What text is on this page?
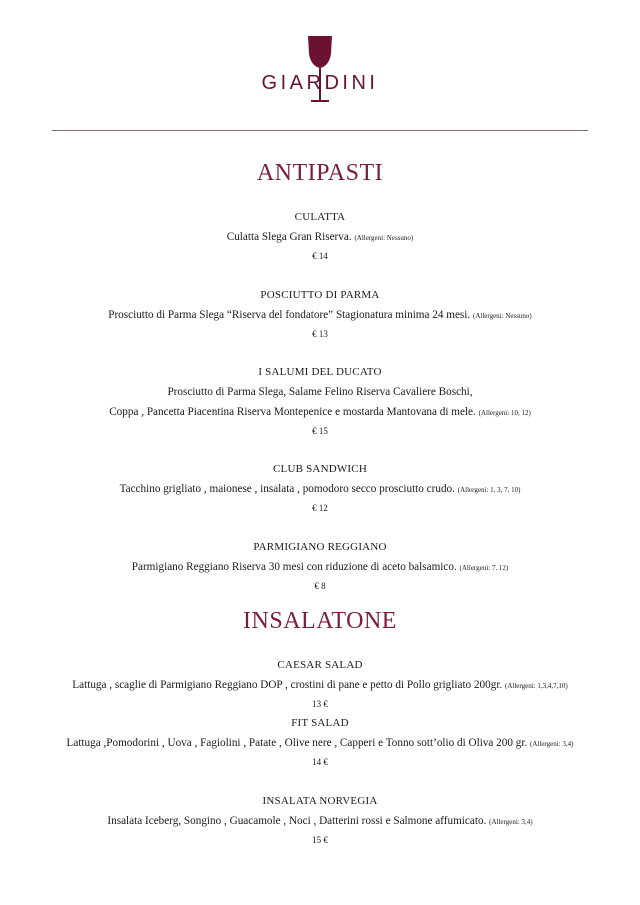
GIARDINI
ANTIPASTI
CULATTA
Culatta Slega Gran Riserva. (Allergeni: Nessuno)
€ 14
POSCIUTTO DI PARMA
Prosciutto di Parma Slega “Riserva del fondatore” Stagionatura minima 24 mesi. (Allergeni: Nessuno)
€ 13
I SALUMI DEL DUCATO
Prosciutto di Parma Slega, Salame Felino Riserva Cavaliere Boschi,
Coppa , Pancetta Piacentina Riserva Montepenice e mostarda Mantovana di mele. (Allergeni: 10, 12)
€ 15
CLUB SANDWICH
Tacchino grigliato , maionese , insalata , pomodoro secco prosciutto crudo. (Allergeni: 1, 3, 7, 10)
€ 12
PARMIGIANO REGGIANO
Parmigiano Reggiano Riserva 30 mesi con riduzione di aceto balsamico. (Allergeni: 7, 12)
€ 8
INSALATONE
CAESAR SALAD
Lattuga , scaglie di Parmigiano Reggiano DOP , crostini di pane e petto di Pollo grigliato 200gr. (Allergeni: 1,3,4,7,10)
13 €
FIT SALAD
Lattuga ,Pomodorini , Uova , Fagiolini , Patate , Olive nere , Capperi e Tonno sott’olio di Oliva 200 gr. (Allergeni: 3,4)
14 €
INSALATA NORVEGIA
Insalata Iceberg, Songino , Guacamole , Noci , Datterini rossi e Salmone affumicato. (Allergeni: 3,4)
15 €
